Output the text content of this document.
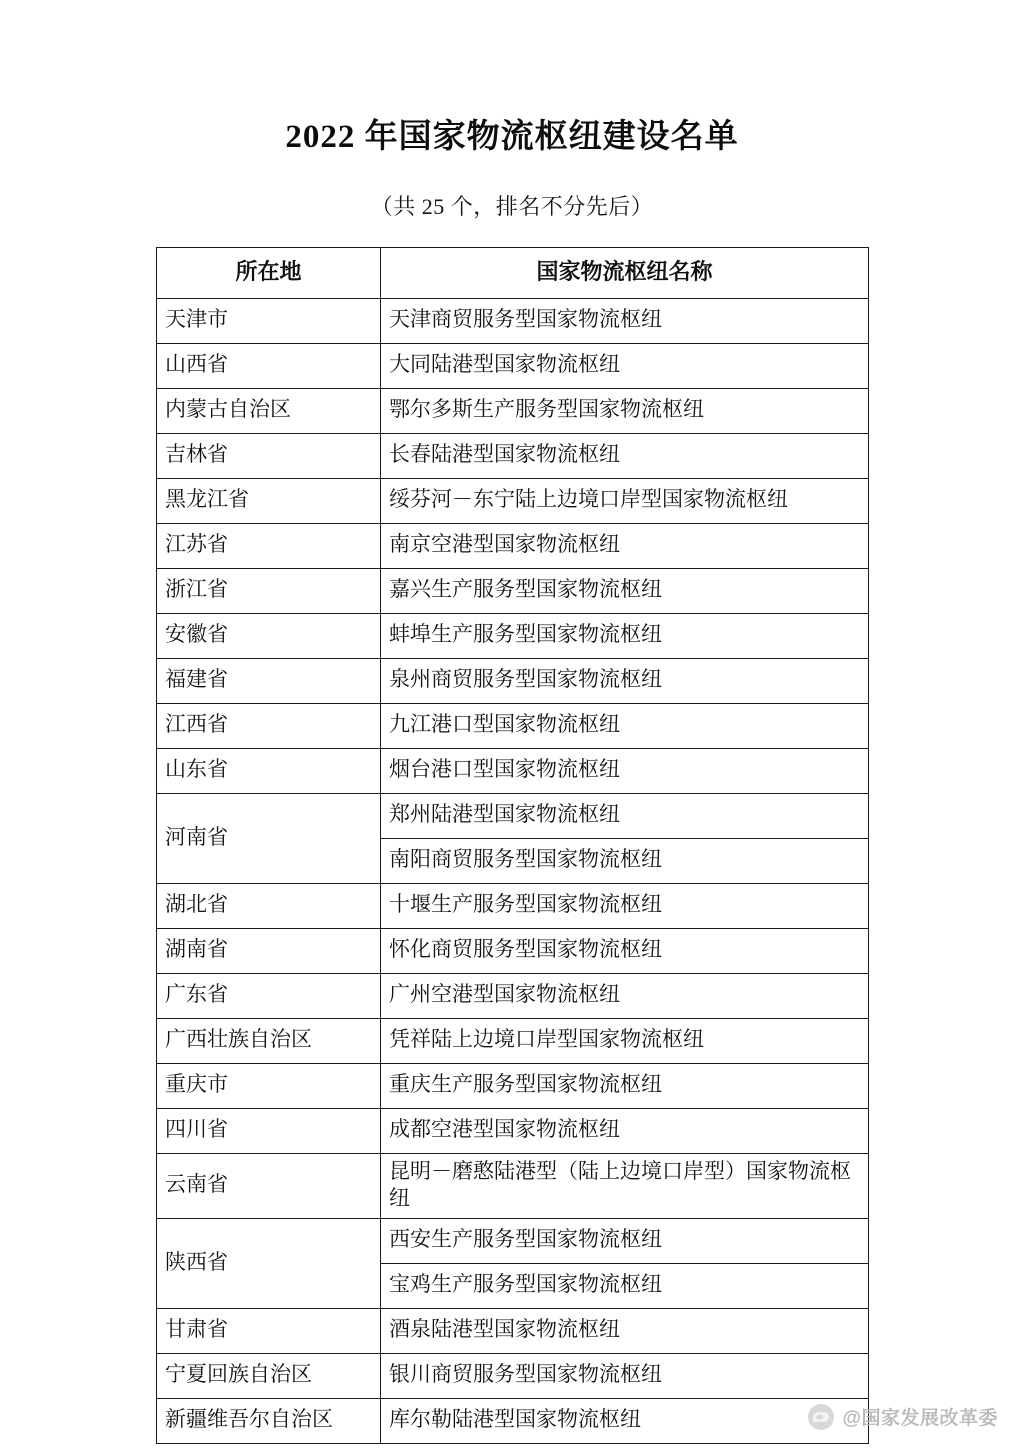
2022 年国家物流枢纽建设名单

（共 25 个，排名不分先后）

所在地	国家物流枢纽名称
天津市	天津商贸服务型国家物流枢纽
山西省	大同陆港型国家物流枢纽
内蒙古自治区	鄂尔多斯生产服务型国家物流枢纽
吉林省	长春陆港型国家物流枢纽
黑龙江省	绥芬河－东宁陆上边境口岸型国家物流枢纽
江苏省	南京空港型国家物流枢纽
浙江省	嘉兴生产服务型国家物流枢纽
安徽省	蚌埠生产服务型国家物流枢纽
福建省	泉州商贸服务型国家物流枢纽
江西省	九江港口型国家物流枢纽
山东省	烟台港口型国家物流枢纽
河南省	郑州陆港型国家物流枢纽
	南阳商贸服务型国家物流枢纽
湖北省	十堰生产服务型国家物流枢纽
湖南省	怀化商贸服务型国家物流枢纽
广东省	广州空港型国家物流枢纽
广西壮族自治区	凭祥陆上边境口岸型国家物流枢纽
重庆市	重庆生产服务型国家物流枢纽
四川省	成都空港型国家物流枢纽
云南省	昆明－磨憨陆港型（陆上边境口岸型）国家物流枢纽
陕西省	西安生产服务型国家物流枢纽
	宝鸡生产服务型国家物流枢纽
甘肃省	酒泉陆港型国家物流枢纽
宁夏回族自治区	银川商贸服务型国家物流枢纽
新疆维吾尔自治区	库尔勒陆港型国家物流枢纽	@国家发展改革委
